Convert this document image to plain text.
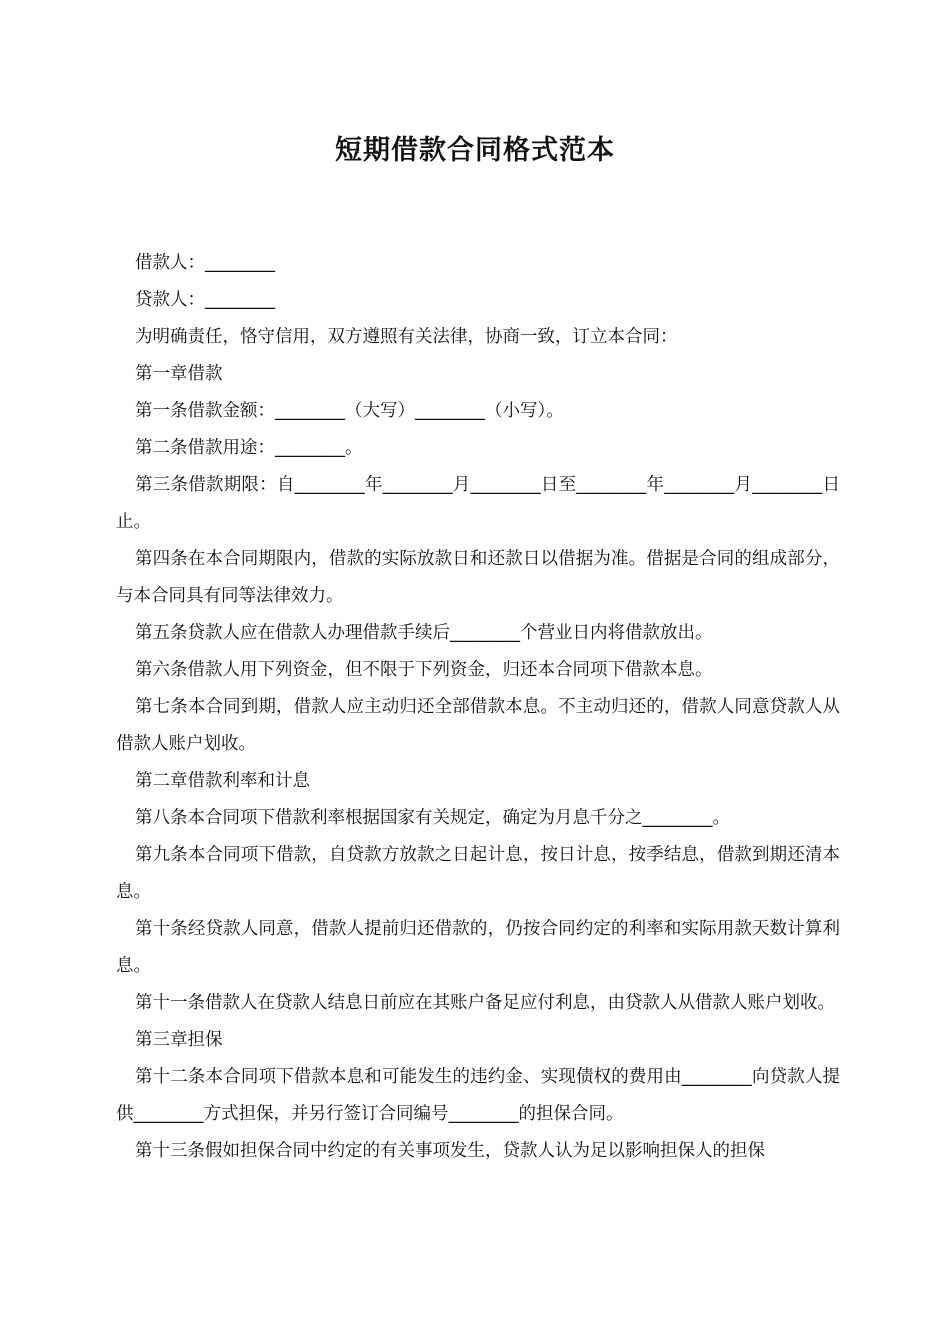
短期借款合同格式范本

借款人：________

贷款人：________

为明确责任，恪守信用，双方遵照有关法律，协商一致，订立本合同：

第一章借款

第一条借款金额：________（大写）________（小写）。

第二条借款用途：________。

第三条借款期限：自________年________月________日至________年________月________日止。

第四条在本合同期限内，借款的实际放款日和还款日以借据为准。借据是合同的组成部分，与本合同具有同等法律效力。

第五条贷款人应在借款人办理借款手续后________个营业日内将借款放出。

第六条借款人用下列资金，但不限于下列资金，归还本合同项下借款本息。

第七条本合同到期，借款人应主动归还全部借款本息。不主动归还的，借款人同意贷款人从借款人账户划收。

第二章借款利率和计息

第八条本合同项下借款利率根据国家有关规定，确定为月息千分之________。

第九条本合同项下借款，自贷款方放款之日起计息，按日计息，按季结息，借款到期还清本息。

第十条经贷款人同意，借款人提前归还借款的，仍按合同约定的利率和实际用款天数计算利息。

第十一条借款人在贷款人结息日前应在其账户备足应付利息，由贷款人从借款人账户划收。

第三章担保

第十二条本合同项下借款本息和可能发生的违约金、实现债权的费用由________向贷款人提供________方式担保，并另行签订合同编号________的担保合同。

第十三条假如担保合同中约定的有关事项发生，贷款人认为足以影响担保人的担保
